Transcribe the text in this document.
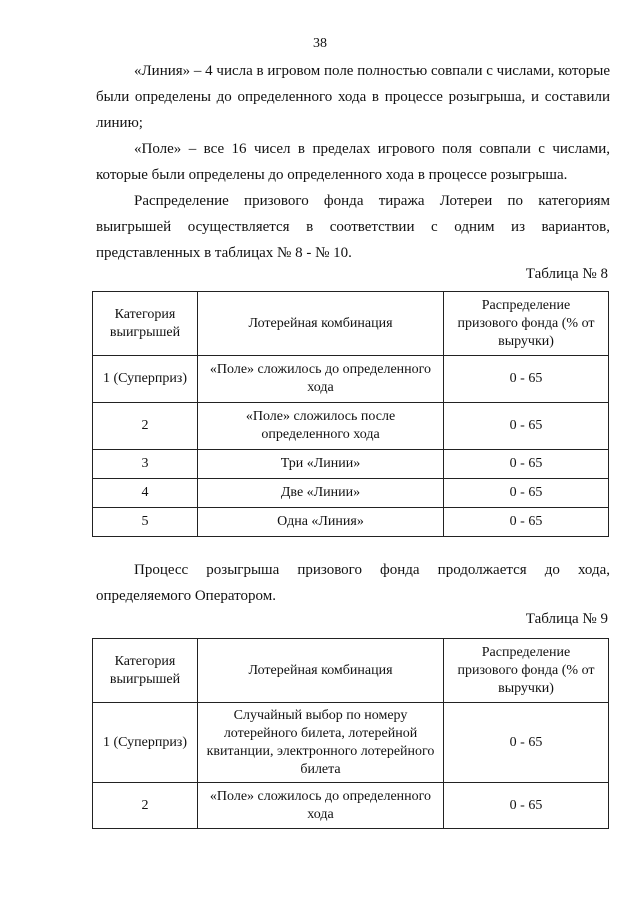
38

«Линия» – 4 числа в игровом поле полностью совпали с числами, которые были определены до определенного хода в процессе розыгрыша, и составили линию;

«Поле» – все 16 чисел в пределах игрового поля совпали с числами, которые были определены до определенного хода в процессе розыгрыша.

Распределение призового фонда тиража Лотереи по категориям выигрышей осуществляется в соответствии с одним из вариантов, представленных в таблицах № 8 - № 10.

Таблица № 8
Категория выигрышей	Лотерейная комбинация	Распределение призового фонда (% от выручки)
1 (Суперприз)	«Поле» сложилось до определенного хода	0 - 65
2	«Поле» сложилось после определенного хода	0 - 65
3	Три «Линии»	0 - 65
4	Две «Линии»	0 - 65
5	Одна «Линия»	0 - 65

Процесс розыгрыша призового фонда продолжается до хода, определяемого Оператором.

Таблица № 9
Категория выигрышей	Лотерейная комбинация	Распределение призового фонда (% от выручки)
1 (Суперприз)	Случайный выбор по номеру лотерейного билета, лотерейной квитанции, электронного лотерейного билета	0 - 65
2	«Поле» сложилось до определенного хода	0 - 65
